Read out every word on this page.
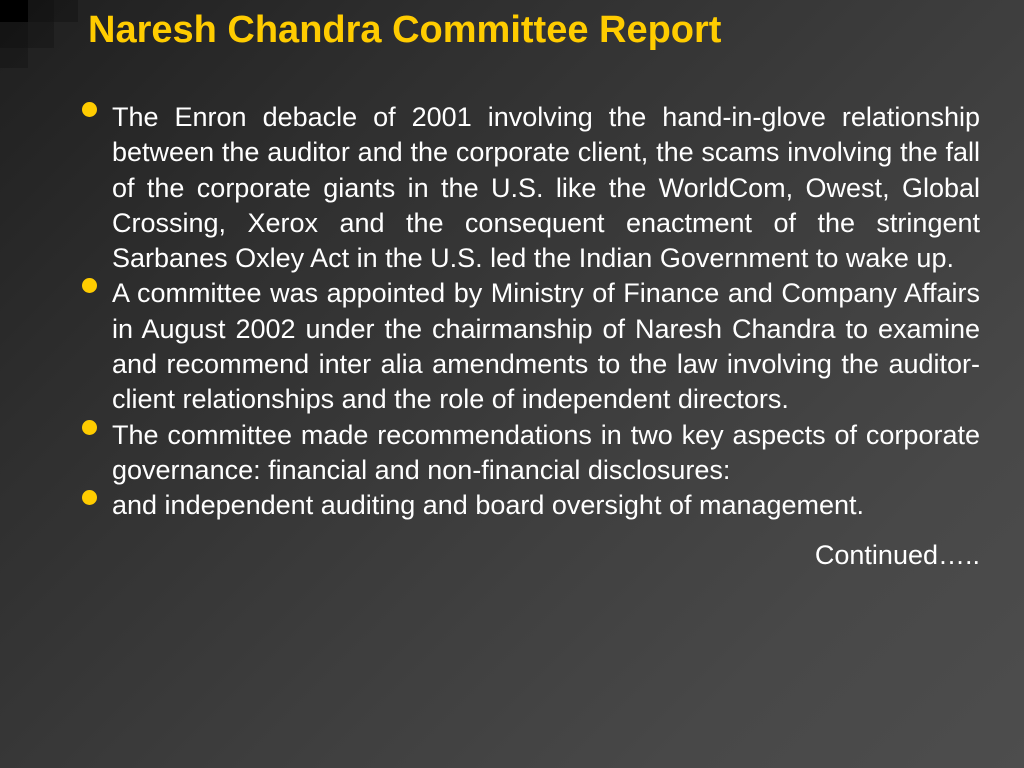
Naresh Chandra Committee Report
The Enron debacle of 2001 involving the hand-in-glove relationship between the auditor and the corporate client, the scams involving the fall of the corporate giants in the U.S. like the WorldCom, Owest, Global Crossing, Xerox and the consequent enactment of the stringent Sarbanes Oxley Act in the U.S. led the Indian Government to wake up.
A committee was appointed by Ministry of Finance and Company Affairs in August 2002 under the chairmanship of Naresh Chandra to examine and recommend inter alia amendments to the law involving the auditor-client relationships and the role of independent directors.
The committee made recommendations in two key aspects of corporate governance: financial and non-financial disclosures:
and independent auditing and board oversight of management.
Continued…..
